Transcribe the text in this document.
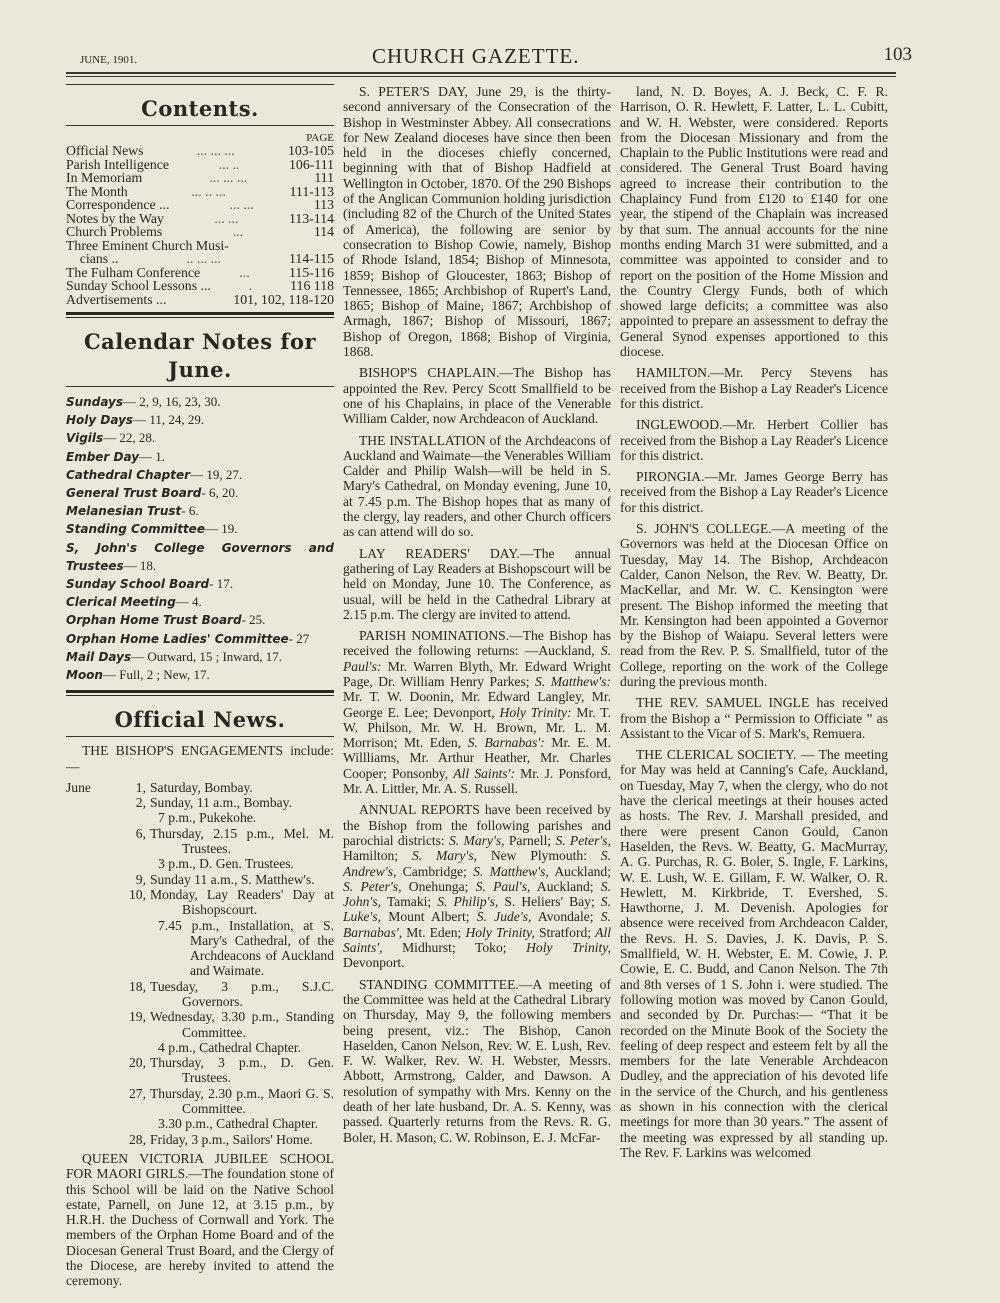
JUNE, 1901.	CHURCH GAZETTE.	103
Contents.
PAGE
Official News	... ... ...	103-105
Parish Intelligence	... ..	106-111
In Memoriam	... ... ...	111
The Month	... .. ...	111-113
Correspondence ...	... ...	113
Notes by the Way	... ...	113-114
Church Problems	...	114
Three Eminent Church Musi-
cians ..	.. ... ...	114-115
The Fulham Conference	...	115-116
Sunday School Lessons ...	.	116 118
Advertisements ...	101, 102, 118-120
Calendar Notes for June.
Sundays— 2, 9, 16, 23, 30.
Holy Days— 11, 24, 29.
Vigils— 22, 28.
Ember Day— 1.
Cathedral Chapter— 19, 27.
General Trust Board- 6, 20.
Melanesian Trust- 6.
Standing Committee— 19.
S, John's College Governors and Trustees— 18.
Sunday School Board- 17.
Clerical Meeting— 4.
Orphan Home Trust Board- 25.
Orphan Home Ladies' Committee- 27
Mail Days— Outward, 15 ; Inward, 17.
Moon— Full, 2 ; New, 17.
Official News.

THE BISHOP'S ENGAGEMENTS include:—

June	1, Saturday, Bombay.
2, Sunday, 11 a.m., Bombay.
7 p.m., Pukekohe.
6, Thursday, 2.15 p.m., Mel. M. Trustees.
3 p.m., D. Gen. Trustees.
9, Sunday 11 a.m., S. Matthew's.
10, Monday, Lay Readers' Day at Bishopscourt.
7.45 p.m., Installation, at S. Mary's Cathedral, of the Archdeacons of Auckland and Waimate.
18, Tuesday, 3 p.m., S.J.C. Governors.
19, Wednesday, 3.30 p.m., Standing Committee.
4 p.m., Cathedral Chapter.
20, Thursday, 3 p.m., D. Gen. Trustees.
27, Thursday, 2.30 p.m., Maori G. S. Committee.
3.30 p.m., Cathedral Chapter.
28, Friday, 3 p.m., Sailors' Home.

QUEEN VICTORIA JUBILEE SCHOOL FOR MAORI GIRLS.—The foundation stone of this School will be laid on the Native School estate, Parnell, on June 12, at 3.15 p.m., by H.R.H. the Duchess of Cornwall and York. The members of the Orphan Home Board and of the Diocesan General Trust Board, and the Clergy of the Diocese, are hereby invited to attend the ceremony.

S. PETER'S DAY, June 29, is the thirty-second anniversary of the Consecration of the Bishop in Westminster Abbey. All consecrations for New Zealand dioceses have since then been held in the dioceses chiefly concerned, beginning with that of Bishop Hadfield at Wellington in October, 1870. Of the 290 Bishops of the Anglican Communion holding jurisdiction (including 82 of the Church of the United States of America), the following are senior by consecration to Bishop Cowie, namely, Bishop of Rhode Island, 1854; Bishop of Minnesota, 1859; Bishop of Gloucester, 1863; Bishop of Tennessee, 1865; Archbishop of Rupert's Land, 1865; Bishop of Maine, 1867; Archbishop of Armagh, 1867; Bishop of Missouri, 1867; Bishop of Oregon, 1868; Bishop of Virginia, 1868.

BISHOP'S CHAPLAIN.—The Bishop has appointed the Rev. Percy Scott Smallfield to be one of his Chaplains, in place of the Venerable William Calder, now Archdeacon of Auckland.

THE INSTALLATION of the Archdeacons of Auckland and Waimate—the Venerables William Calder and Philip Walsh—will be held in S. Mary's Cathedral, on Monday evening, June 10, at 7.45 p.m. The Bishop hopes that as many of the clergy, lay readers, and other Church officers as can attend will do so.

LAY READERS' DAY.—The annual gathering of Lay Readers at Bishopscourt will be held on Monday, June 10. The Conference, as usual, will be held in the Cathedral Library at 2.15 p.m. The clergy are invited to attend.

PARISH NOMINATIONS.—The Bishop has received the following returns: —Auckland, S. Paul's: Mr. Warren Blyth, Mr. Edward Wright Page, Dr. William Henry Parkes; S. Matthew's: Mr. T. W. Doonin, Mr. Edward Langley, Mr. George E. Lee; Devonport, Holy Trinity: Mr. T. W. Philson, Mr. W. H. Brown, Mr. L. M. Morrison; Mt. Eden, S. Barnabas': Mr. E. M. Willliams, Mr. Arthur Heather, Mr. Charles Cooper; Ponsonby, All Saints': Mr. J. Ponsford, Mr. A. Littler, Mr. A. S. Russell.

ANNUAL REPORTS have been received by the Bishop from the following parishes and parochial districts: S. Mary's, Parnell; S. Peter's, Hamilton; S. Mary's, New Plymouth: S. Andrew's, Cambridge; S. Matthew's, Auckland; S. Peter's, Onehunga; S. Paul's, Auckland; S. John's, Tamaki; S. Philip's, S. Heliers' Bay; S. Luke's, Mount Albert; S. Jude's, Avondale; S. Barnabas', Mt. Eden; Holy Trinity, Stratford; All Saints', Midhurst; Toko; Holy Trinity, Devonport.

STANDING COMMITTEE.—A meeting of the Committee was held at the Cathedral Library on Thursday, May 9, the following members being present, viz.: The Bishop, Canon Haselden, Canon Nelson, Rev. W. E. Lush, Rev. F. W. Walker, Rev. W. H. Webster, Messrs. Abbott, Armstrong, Calder, and Dawson. A resolution of sympathy with Mrs. Kenny on the death of her late husband, Dr. A. S. Kenny, was passed. Quarterly returns from the Revs. R. G. Boler, H. Mason, C. W. Robinson, E. J. McFar-

land, N. D. Boyes, A. J. Beck, C. F. R. Harrison, O. R. Hewlett, F. Latter, L. L. Cubitt, and W. H. Webster, were considered. Reports from the Diocesan Missionary and from the Chaplain to the Public Institutions were read and considered. The General Trust Board having agreed to increase their contribution to the Chaplaincy Fund from £120 to £140 for one year, the stipend of the Chaplain was increased by that sum. The annual accounts for the nine months ending March 31 were submitted, and a committee was appointed to consider and to report on the position of the Home Mission and the Country Clergy Funds, both of which showed large deficits; a committee was also appointed to prepare an assessment to defray the General Synod expenses apportioned to this diocese.

HAMILTON.—Mr. Percy Stevens has received from the Bishop a Lay Reader's Licence for this district.

INGLEWOOD.—Mr. Herbert Collier has received from the Bishop a Lay Reader's Licence for this district.

PIRONGIA.—Mr. James George Berry has received from the Bishop a Lay Reader's Licence for this district.

S. JOHN'S COLLEGE.—A meeting of the Governors was held at the Diocesan Office on Tuesday, May 14. The Bishop, Archdeacon Calder, Canon Nelson, the Rev. W. Beatty, Dr. MacKellar, and Mr. W. C. Kensington were present. The Bishop informed the meeting that Mr. Kensington had been appointed a Governor by the Bishop of Waiapu. Several letters were read from the Rev. P. S. Smallfield, tutor of the College, reporting on the work of the College during the previous month.

THE REV. SAMUEL INGLE has received from the Bishop a “ Permission to Officiate ” as Assistant to the Vicar of S. Mark's, Remuera.

THE CLERICAL SOCIETY. — The meeting for May was held at Canning's Cafe, Auckland, on Tuesday, May 7, when the clergy, who do not have the clerical meetings at their houses acted as hosts. The Rev. J. Marshall presided, and there were present Canon Gould, Canon Haselden, the Revs. W. Beatty, G. MacMurray, A. G. Purchas, R. G. Boler, S. Ingle, F. Larkins, W. E. Lush, W. E. Gillam, F. W. Walker, O. R. Hewlett, M. Kirkbride, T. Evershed, S. Hawthorne, J. M. Devenish. Apologies for absence were received from Archdeacon Calder, the Revs. H. S. Davies, J. K. Davis, P. S. Smallfield, W. H. Webster, E. M. Cowie, J. P. Cowie, E. C. Budd, and Canon Nelson. The 7th and 8th verses of 1 S. John i. were studied. The following motion was moved by Canon Gould, and seconded by Dr. Purchas:— “That it be recorded on the Minute Book of the Society the feeling of deep respect and esteem felt by all the members for the late Venerable Archdeacon Dudley, and the appreciation of his devoted life in the service of the Church, and his gentleness as shown in his connection with the clerical meetings for more than 30 years.” The assent of the meeting was expressed by all standing up. The Rev. F. Larkins was welcomed
